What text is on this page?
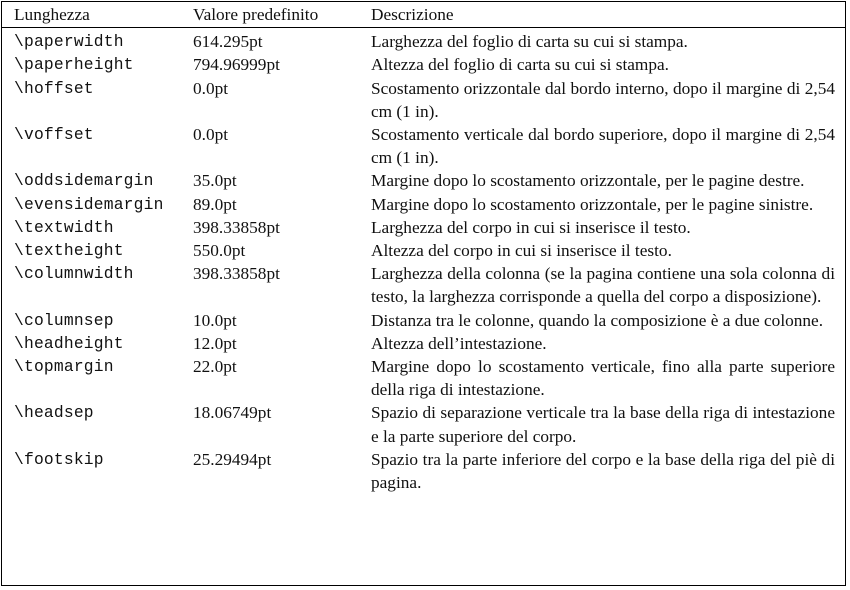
Lunghezza	Valore predefinito	Descrizione
\paperwidth	614.295pt	Larghezza del foglio di carta su cui si stampa.
\paperheight	794.96999pt	Altezza del foglio di carta su cui si stampa.
\hoffset	0.0pt	Scostamento orizzontale dal bordo interno, dopo il margine di 2,54 cm (1 in).
\voffset	0.0pt	Scostamento verticale dal bordo superiore, dopo il margine di 2,54 cm (1 in).
\oddsidemargin	35.0pt	Margine dopo lo scostamento orizzontale, per le pagine destre.
\evensidemargin	89.0pt	Margine dopo lo scostamento orizzontale, per le pagine sinistre.
\textwidth	398.33858pt	Larghezza del corpo in cui si inserisce il testo.
\textheight	550.0pt	Altezza del corpo in cui si inserisce il testo.
\columnwidth	398.33858pt	Larghezza della colonna (se la pagina contiene una sola colonna di testo, la larghezza corrisponde a quella del corpo a disposizione).
\columnsep	10.0pt	Distanza tra le colonne, quando la composizione è a due colonne.
\headheight	12.0pt	Altezza dell’intestazione.
\topmargin	22.0pt	Margine dopo lo scostamento verticale, fino alla parte superiore della riga di intestazione.
\headsep	18.06749pt	Spazio di separazione verticale tra la base della riga di intestazione e la parte superiore del corpo.
\footskip	25.29494pt	Spazio tra la parte inferiore del corpo e la base della riga del piè di pagina.
